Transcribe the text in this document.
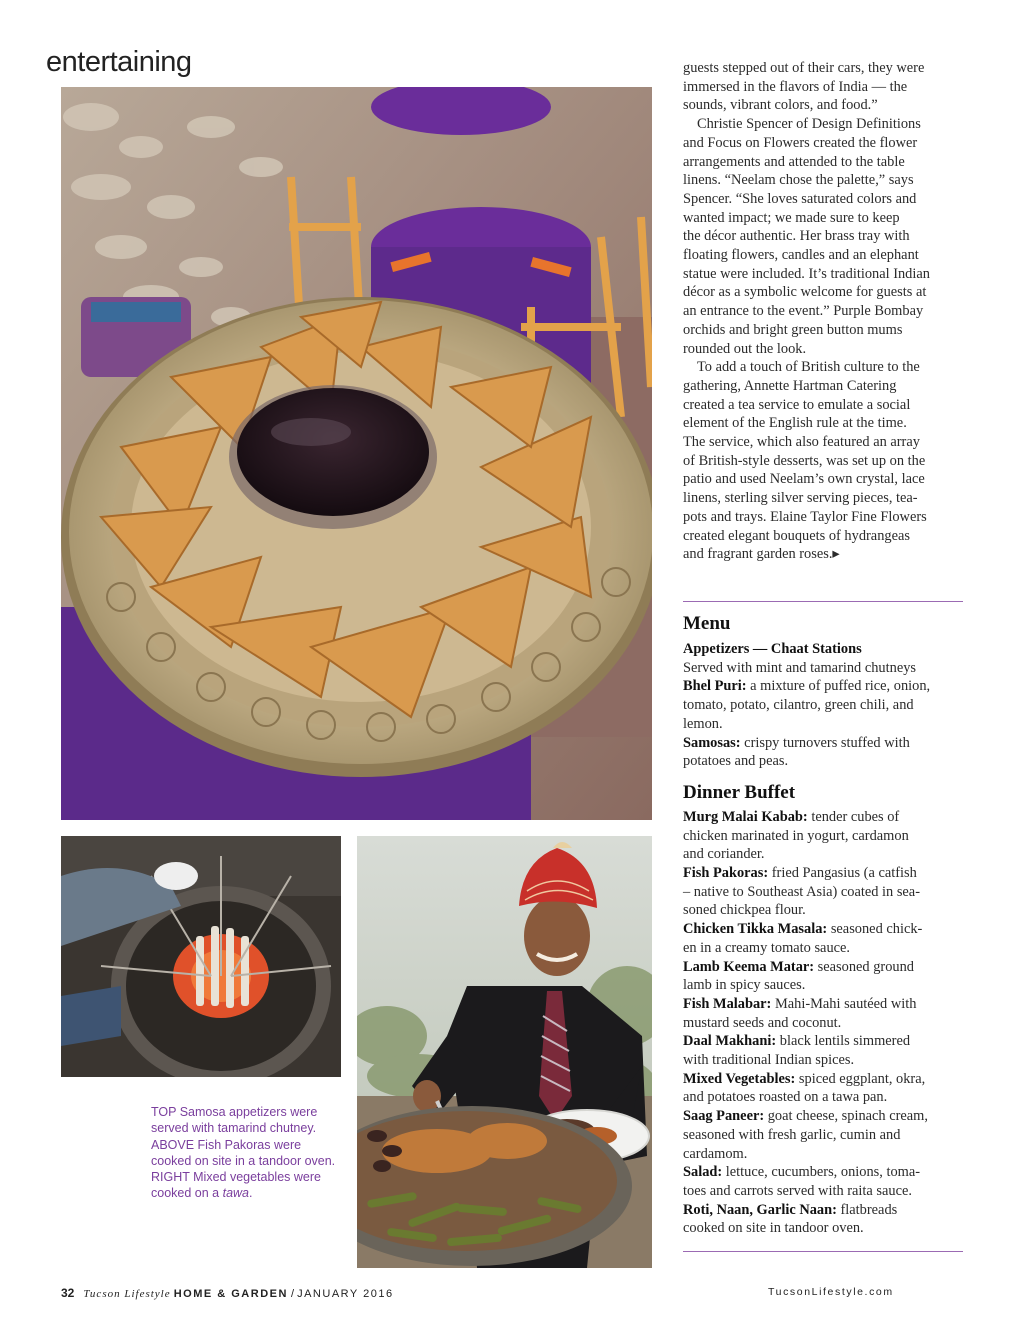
entertaining
TOP Samosa appetizers were
served with tamarind chutney.
ABOVE Fish Pakoras were
cooked on site in a tandoor oven.
RIGHT Mixed vegetables were
cooked on a tawa.

guests stepped out of their cars, they were
immersed in the flavors of India — the
sounds, vibrant colors, and food.”

Christie Spencer of Design Definitions
and Focus on Flowers created the flower
arrangements and attended to the table
linens. “Neelam chose the palette,” says
Spencer. “She loves saturated colors and
wanted impact; we made sure to keep
the décor authentic. Her brass tray with
floating flowers, candles and an elephant
statue were included. It’s traditional Indian
décor as a symbolic welcome for guests at
an entrance to the event.” Purple Bombay
orchids and bright green button mums
rounded out the look.

To add a touch of British culture to the
gathering, Annette Hartman Catering
created a tea service to emulate a social
element of the English rule at the time.
The service, which also featured an array
of British-style desserts, was set up on the
patio and used Neelam’s own crystal, lace
linens, sterling silver serving pieces, tea-
pots and trays. Elaine Taylor Fine Flowers
created elegant bouquets of hydrangeas
and fragrant garden roses.▸

Menu
Appetizers — Chaat Stations
Served with mint and tamarind chutneys
Bhel Puri: a mixture of puffed rice, onion,
tomato, potato, cilantro, green chili, and
lemon.
Samosas: crispy turnovers stuffed with
potatoes and peas.
Dinner Buffet
Murg Malai Kabab: tender cubes of
chicken marinated in yogurt, cardamon
and coriander.
Fish Pakoras: fried Pangasius (a catfish
– native to Southeast Asia) coated in sea-
soned chickpea flour.
Chicken Tikka Masala: seasoned chick-
en in a creamy tomato sauce.
Lamb Keema Matar: seasoned ground
lamb in spicy sauces.
Fish Malabar: Mahi-Mahi sautéed with
mustard seeds and coconut.
Daal Makhani: black lentils simmered
with traditional Indian spices.
Mixed Vegetables: spiced eggplant, okra,
and potatoes roasted on a tawa pan.
Saag Paneer: goat cheese, spinach cream,
seasoned with fresh garlic, cumin and
cardamom.
Salad: lettuce, cucumbers, onions, toma-
toes and carrots served with raita sauce.
Roti, Naan, Garlic Naan: flatbreads
cooked on site in tandoor oven.
32 Tucson Lifestyle HOME & GARDEN / JANUARY 2016	TucsonLifestyle.com
